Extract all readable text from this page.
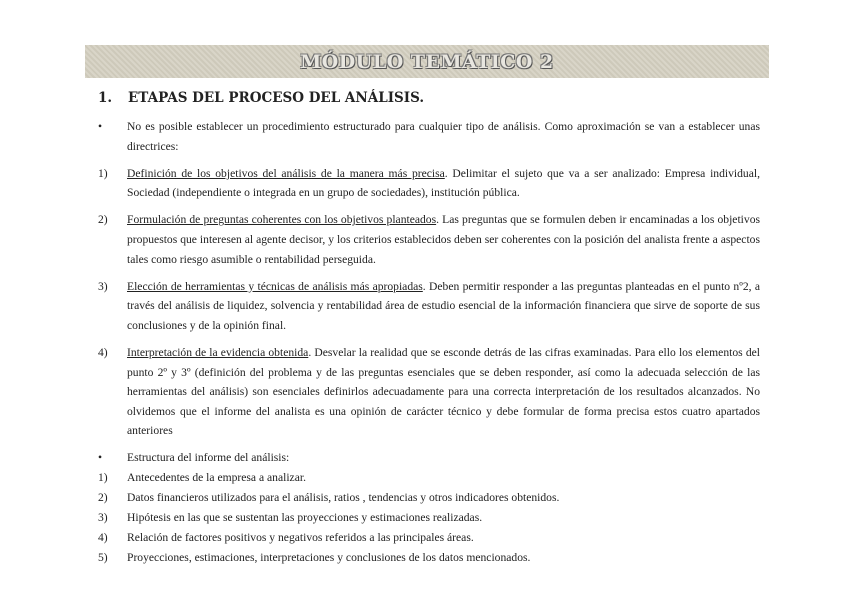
MÓDULO TEMÁTICO 2
1. ETAPAS DEL PROCESO DEL ANÁLISIS.
•	No es posible establecer un procedimiento estructurado para cualquier tipo de análisis. Como aproximación se van a establecer unas directrices:
1)	Definición de los objetivos del análisis de la manera más precisa. Delimitar el sujeto que va a ser analizado: Empresa individual, Sociedad (independiente o integrada en un grupo de sociedades), institución pública.
2)	Formulación de preguntas coherentes con los objetivos planteados. Las preguntas que se formulen deben ir encaminadas a los objetivos propuestos que interesen al agente decisor, y los criterios establecidos deben ser coherentes con la posición del analista frente a aspectos tales como riesgo asumible o rentabilidad perseguida.
3)	Elección de herramientas y técnicas de análisis más apropiadas. Deben permitir responder a las preguntas planteadas en el punto nº2, a través del análisis de liquidez, solvencia y rentabilidad área de estudio esencial de la información financiera que sirve de soporte de sus conclusiones y de la opinión final.
4)	Interpretación de la evidencia obtenida. Desvelar la realidad que se esconde detrás de las cifras examinadas. Para ello los elementos del punto 2º y 3º (definición del problema y de las preguntas esenciales que se deben responder, así como la adecuada selección de las herramientas del análisis) son esenciales definirlos adecuadamente para una correcta interpretación de los resultados alcanzados. No olvidemos que el informe del analista es una opinión de carácter técnico y debe formular de forma precisa estos cuatro apartados anteriores
•	Estructura del informe del análisis:
1)	Antecedentes de la empresa a analizar.
2)	Datos financieros utilizados para el análisis, ratios , tendencias y otros indicadores obtenidos.
3)	Hipótesis en las que se sustentan las proyecciones y estimaciones realizadas.
4)	Relación de factores positivos y negativos referidos a las principales áreas.
5)	Proyecciones, estimaciones, interpretaciones y conclusiones de los datos mencionados.
